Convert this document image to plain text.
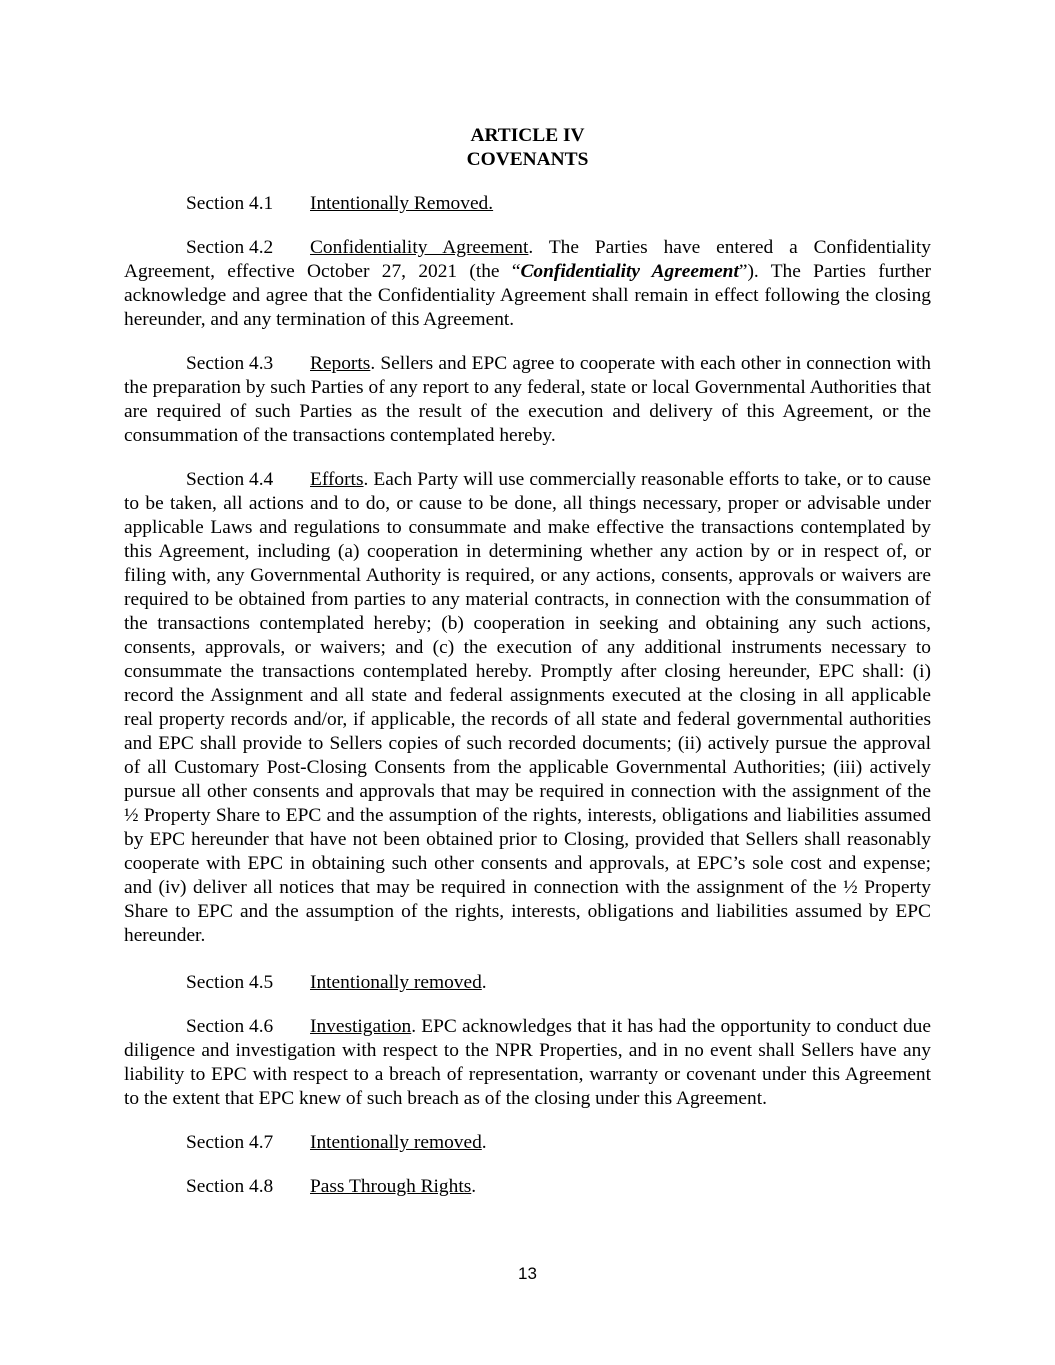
ARTICLE IV
COVENANTS

Section 4.1 Intentionally Removed.

Section 4.2 Confidentiality Agreement. The Parties have entered a Confidentiality Agreement, effective October 27, 2021 (the “Confidentiality Agreement”). The Parties further acknowledge and agree that the Confidentiality Agreement shall remain in effect following the closing hereunder, and any termination of this Agreement.

Section 4.3 Reports. Sellers and EPC agree to cooperate with each other in connection with the preparation by such Parties of any report to any federal, state or local Governmental Authorities that are required of such Parties as the result of the execution and delivery of this Agreement, or the consummation of the transactions contemplated hereby.

Section 4.4 Efforts. Each Party will use commercially reasonable efforts to take, or to cause to be taken, all actions and to do, or cause to be done, all things necessary, proper or advisable under applicable Laws and regulations to consummate and make effective the transactions contemplated by this Agreement, including (a) cooperation in determining whether any action by or in respect of, or filing with, any Governmental Authority is required, or any actions, consents, approvals or waivers are required to be obtained from parties to any material contracts, in connection with the consummation of the transactions contemplated hereby; (b) cooperation in seeking and obtaining any such actions, consents, approvals, or waivers; and (c) the execution of any additional instruments necessary to consummate the transactions contemplated hereby. Promptly after closing hereunder, EPC shall: (i) record the Assignment and all state and federal assignments executed at the closing in all applicable real property records and/or, if applicable, the records of all state and federal governmental authorities and EPC shall provide to Sellers copies of such recorded documents; (ii) actively pursue the approval of all Customary Post-Closing Consents from the applicable Governmental Authorities; (iii) actively pursue all other consents and approvals that may be required in connection with the assignment of the ½ Property Share to EPC and the assumption of the rights, interests, obligations and liabilities assumed by EPC hereunder that have not been obtained prior to Closing, provided that Sellers shall reasonably cooperate with EPC in obtaining such other consents and approvals, at EPC’s sole cost and expense; and (iv) deliver all notices that may be required in connection with the assignment of the ½ Property Share to EPC and the assumption of the rights, interests, obligations and liabilities assumed by EPC hereunder.

Section 4.5 Intentionally removed.

Section 4.6 Investigation. EPC acknowledges that it has had the opportunity to conduct due diligence and investigation with respect to the NPR Properties, and in no event shall Sellers have any liability to EPC with respect to a breach of representation, warranty or covenant under this Agreement to the extent that EPC knew of such breach as of the closing under this Agreement.

Section 4.7 Intentionally removed.

Section 4.8 Pass Through Rights.

13
